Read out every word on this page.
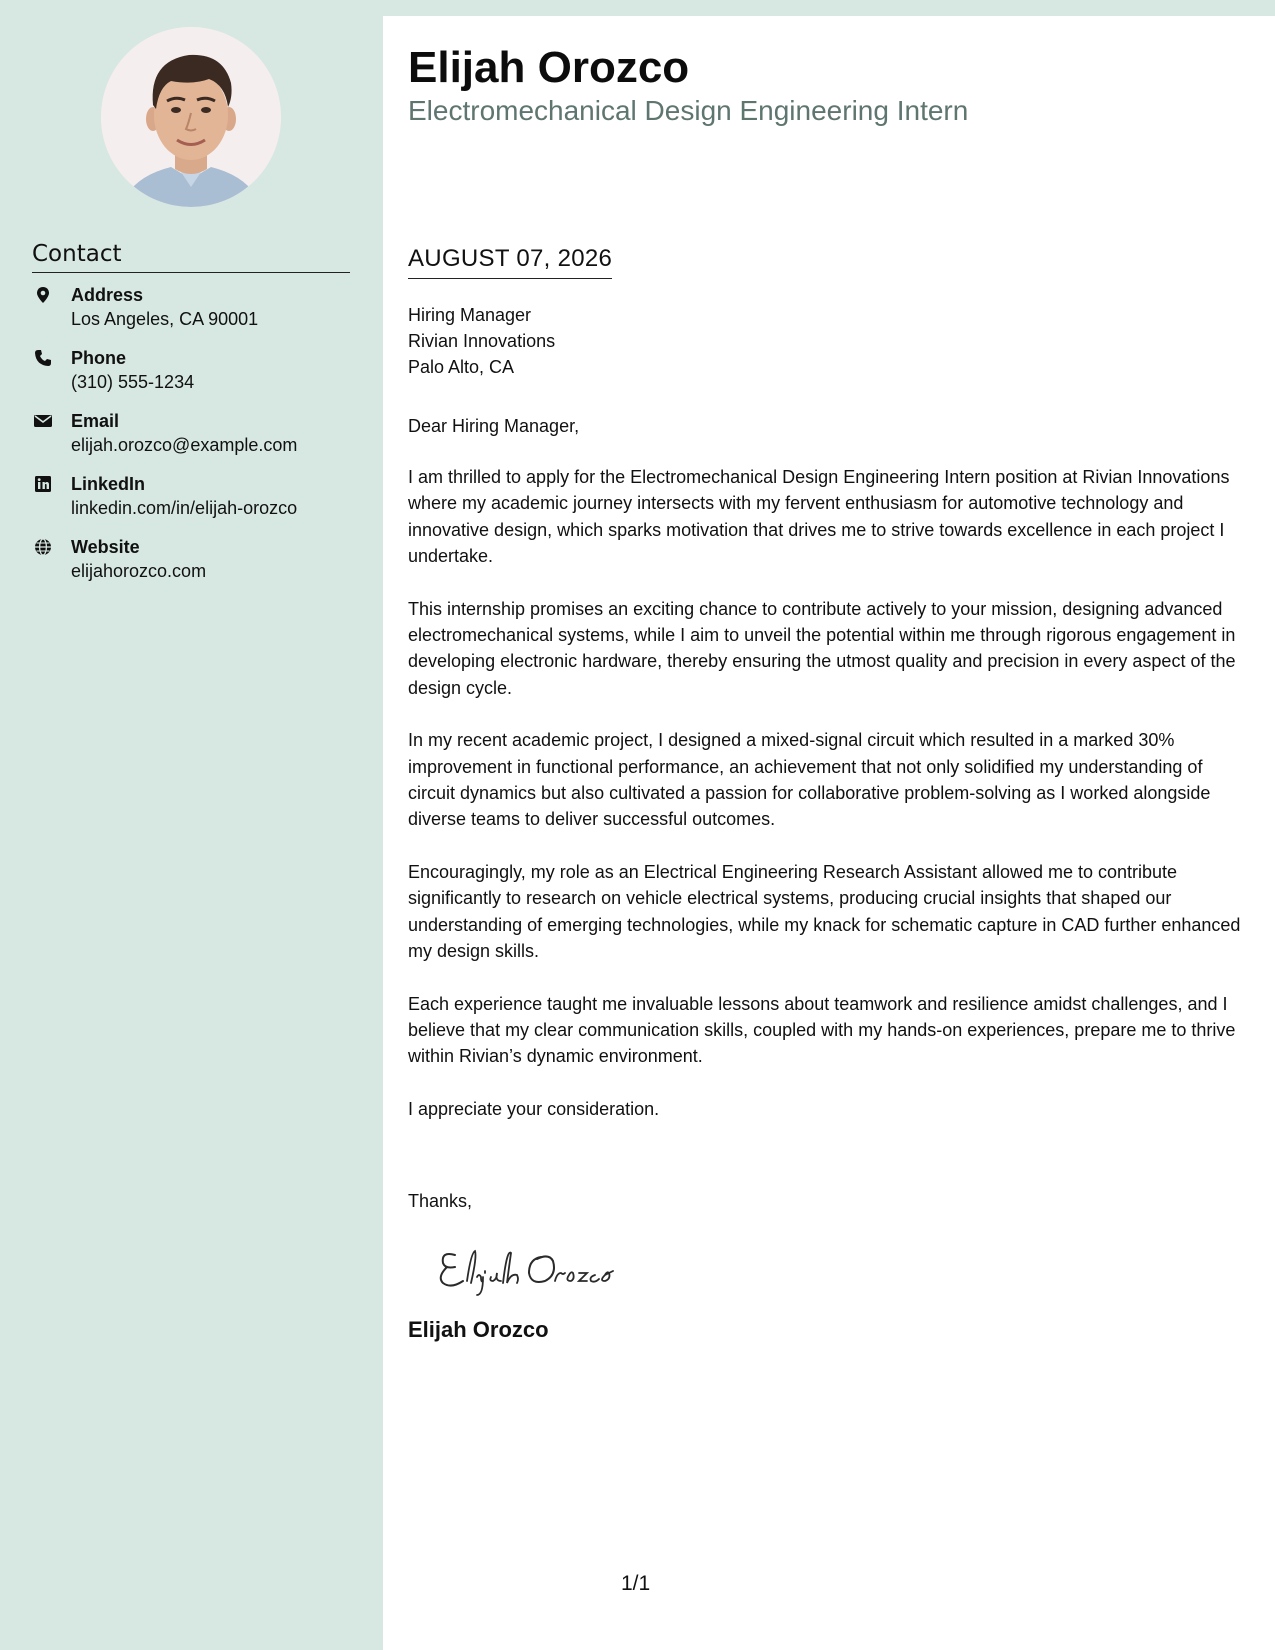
Contact
Address
Los Angeles, CA 90001
Phone
(310) 555-1234
Email
elijah.orozco@example.com
LinkedIn
linkedin.com/in/elijah-orozco
Website
elijahorozco.com
Elijah Orozco
Electromechanical Design Engineering Intern
AUGUST 07, 2026
Hiring Manager
Rivian Innovations
Palo Alto, CA

Dear Hiring Manager,

I am thrilled to apply for the Electromechanical Design Engineering Intern position at Rivian Innovations where my academic journey intersects with my fervent enthusiasm for automotive technology and innovative design, which sparks motivation that drives me to strive towards excellence in each project I undertake.

This internship promises an exciting chance to contribute actively to your mission, designing advanced electromechanical systems, while I aim to unveil the potential within me through rigorous engagement in developing electronic hardware, thereby ensuring the utmost quality and precision in every aspect of the design cycle.

In my recent academic project, I designed a mixed-signal circuit which resulted in a marked 30% improvement in functional performance, an achievement that not only solidified my understanding of circuit dynamics but also cultivated a passion for collaborative problem-solving as I worked alongside diverse teams to deliver successful outcomes.

Encouragingly, my role as an Electrical Engineering Research Assistant allowed me to contribute significantly to research on vehicle electrical systems, producing crucial insights that shaped our understanding of emerging technologies, while my knack for schematic capture in CAD further enhanced my design skills.

Each experience taught me invaluable lessons about teamwork and resilience amidst challenges, and I believe that my clear communication skills, coupled with my hands-on experiences, prepare me to thrive within Rivian’s dynamic environment.

I appreciate your consideration.

Thanks,

Elijah Orozco

1/1
